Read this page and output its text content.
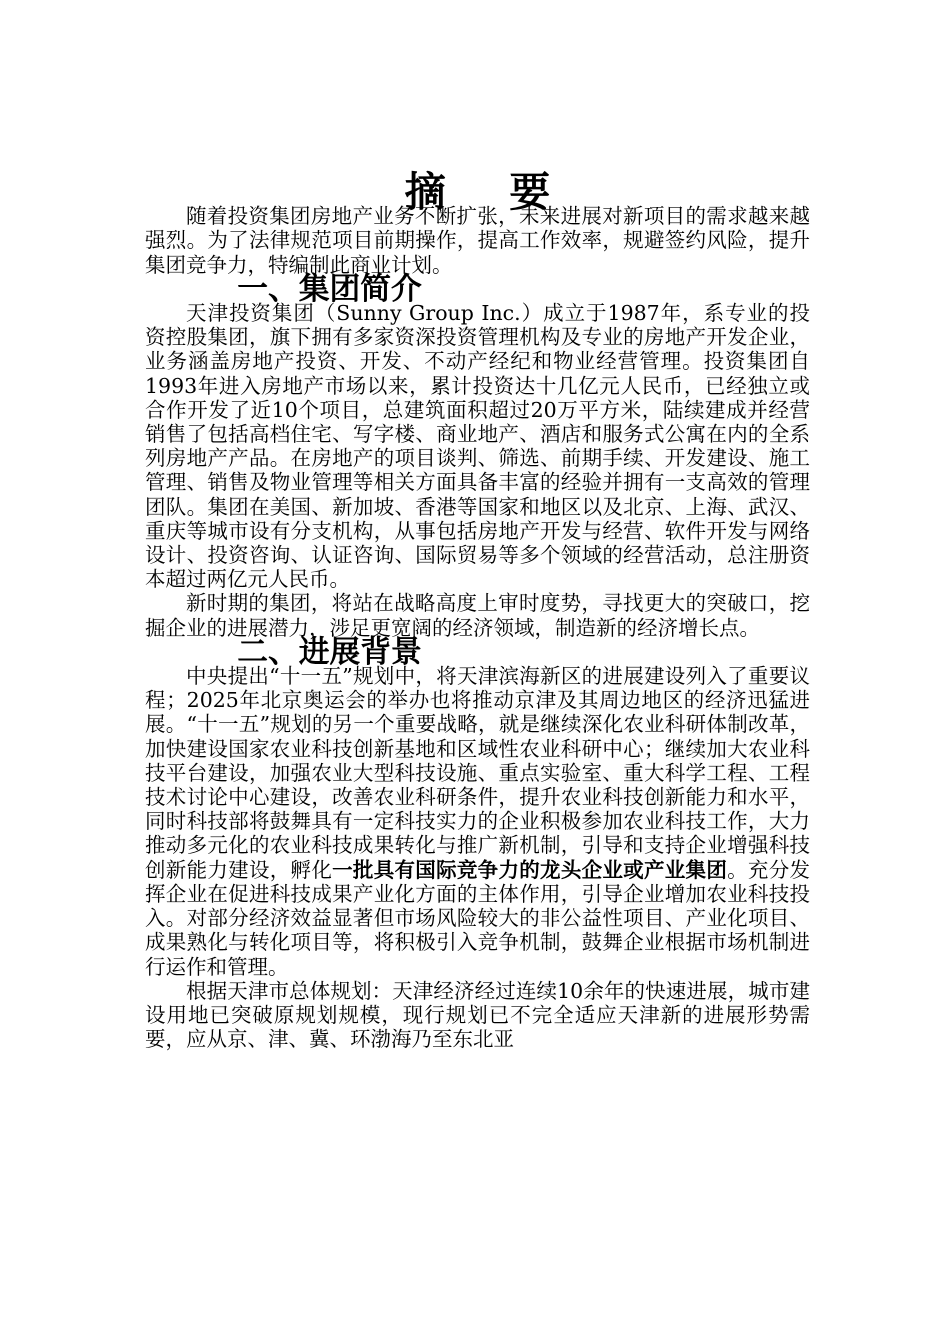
摘 要

随着投资集团房地产业务不断扩张，未来进展对新项目的需求越来越强烈。为了法律规范项目前期操作，提高工作效率，规避签约风险，提升集团竞争力，特编制此商业计划。

一、集团简介

天津投资集团（Sunny Group Inc.）成立于1987年，系专业的投资控股集团，旗下拥有多家资深投资管理机构及专业的房地产开发企业，业务涵盖房地产投资、开发、不动产经纪和物业经营管理。投资集团自1993年进入房地产市场以来，累计投资达十几亿元人民币，已经独立或合作开发了近10个项目，总建筑面积超过20万平方米，陆续建成并经营销售了包括高档住宅、写字楼、商业地产、酒店和服务式公寓在内的全系列房地产产品。在房地产的项目谈判、筛选、前期手续、开发建设、施工管理、销售及物业管理等相关方面具备丰富的经验并拥有一支高效的管理团队。集团在美国、新加坡、香港等国家和地区以及北京、上海、武汉、重庆等城市设有分支机构，从事包括房地产开发与经营、软件开发与网络设计、投资咨询、认证咨询、国际贸易等多个领域的经营活动，总注册资本超过两亿元人民币。

新时期的集团，将站在战略高度上审时度势，寻找更大的突破口，挖掘企业的进展潜力，涉足更宽阔的经济领域，制造新的经济增长点。

二、进展背景

中央提出“十一五”规划中，将天津滨海新区的进展建设列入了重要议程；2025年北京奥运会的举办也将推动京津及其周边地区的经济迅猛进展。“十一五”规划的另一个重要战略，就是继续深化农业科研体制改革，加快建设国家农业科技创新基地和区域性农业科研中心；继续加大农业科技平台建设，加强农业大型科技设施、重点实验室、重大科学工程、工程技术讨论中心建设，改善农业科研条件，提升农业科技创新能力和水平，同时科技部将鼓舞具有一定科技实力的企业积极参加农业科技工作，大力推动多元化的农业科技成果转化与推广新机制，引导和支持企业增强科技创新能力建设，孵化一批具有国际竞争力的龙头企业或产业集团。充分发挥企业在促进科技成果产业化方面的主体作用，引导企业增加农业科技投入。对部分经济效益显著但市场风险较大的非公益性项目、产业化项目、成果熟化与转化项目等，将积极引入竞争机制，鼓舞企业根据市场机制进行运作和管理。

根据天津市总体规划：天津经济经过连续10余年的快速进展，城市建设用地已突破原规划规模，现行规划已不完全适应天津新的进展形势需要，应从京、津、冀、环渤海乃至东北亚
